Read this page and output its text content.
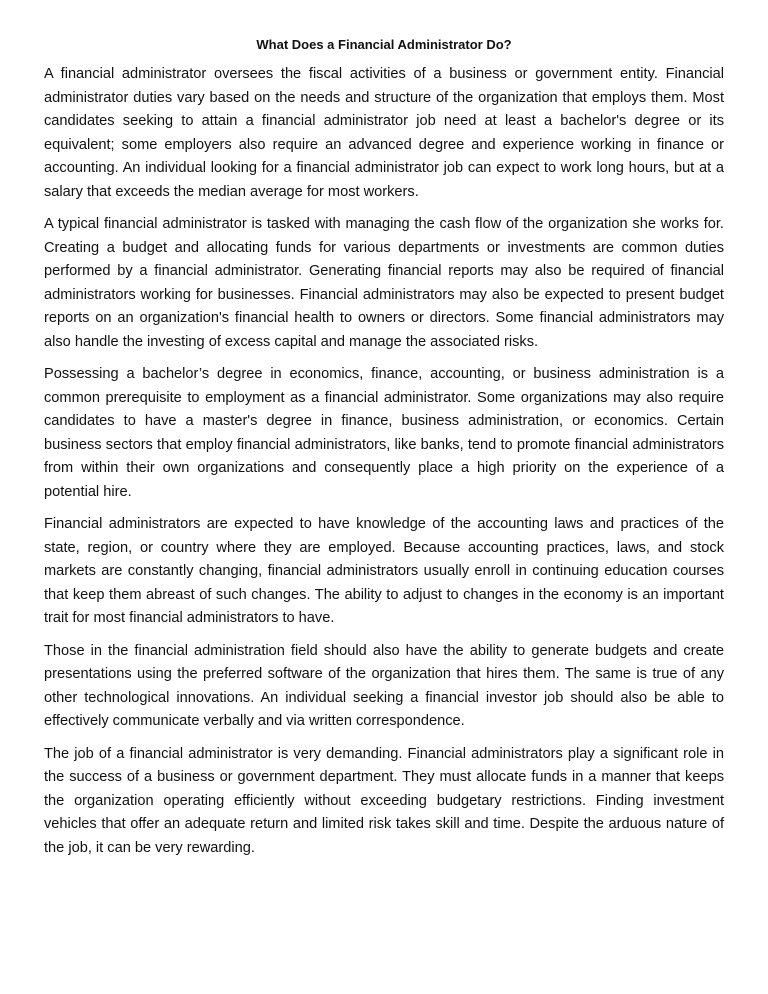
What Does a Financial Administrator Do?

A financial administrator oversees the fiscal activities of a business or government entity. Financial administrator duties vary based on the needs and structure of the organization that employs them. Most candidates seeking to attain a financial administrator job need at least a bachelor's degree or its equivalent; some employers also require an advanced degree and experience working in finance or accounting. An individual looking for a financial administrator job can expect to work long hours, but at a salary that exceeds the median average for most workers.

A typical financial administrator is tasked with managing the cash flow of the organization she works for. Creating a budget and allocating funds for various departments or investments are common duties performed by a financial administrator. Generating financial reports may also be required of financial administrators working for businesses. Financial administrators may also be expected to present budget reports on an organization's financial health to owners or directors. Some financial administrators may also handle the investing of excess capital and manage the associated risks.

Possessing a bachelor’s degree in economics, finance, accounting, or business administration is a common prerequisite to employment as a financial administrator. Some organizations may also require candidates to have a master's degree in finance, business administration, or economics. Certain business sectors that employ financial administrators, like banks, tend to promote financial administrators from within their own organizations and consequently place a high priority on the experience of a potential hire.

Financial administrators are expected to have knowledge of the accounting laws and practices of the state, region, or country where they are employed. Because accounting practices, laws, and stock markets are constantly changing, financial administrators usually enroll in continuing education courses that keep them abreast of such changes. The ability to adjust to changes in the economy is an important trait for most financial administrators to have.

Those in the financial administration field should also have the ability to generate budgets and create presentations using the preferred software of the organization that hires them. The same is true of any other technological innovations. An individual seeking a financial investor job should also be able to effectively communicate verbally and via written correspondence.

The job of a financial administrator is very demanding. Financial administrators play a significant role in the success of a business or government department. They must allocate funds in a manner that keeps the organization operating efficiently without exceeding budgetary restrictions. Finding investment vehicles that offer an adequate return and limited risk takes skill and time. Despite the arduous nature of the job, it can be very rewarding.
